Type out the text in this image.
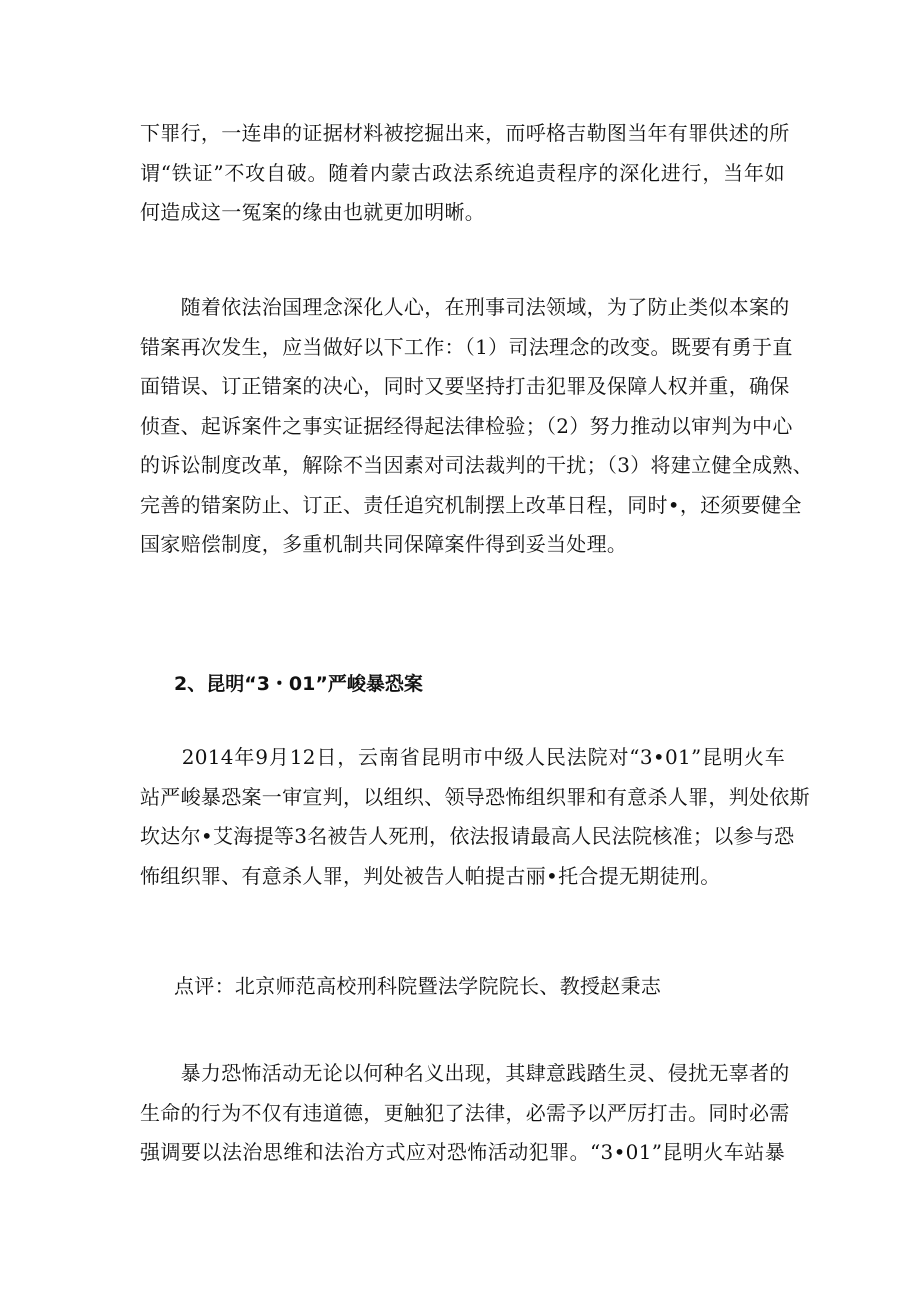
下罪行，一连串的证据材料被挖掘出来，而呼格吉勒图当年有罪供述的所
谓“铁证”不攻自破。随着内蒙古政法系统追责程序的深化进行，当年如
何造成这一冤案的缘由也就更加明晰。
　　随着依法治国理念深化人心，在刑事司法领域，为了防止类似本案的
错案再次发生，应当做好以下工作：（1）司法理念的改变。既要有勇于直
面错误、订正错案的决心，同时又要坚持打击犯罪及保障人权并重，确保
侦查、起诉案件之事实证据经得起法律检验；（2）努力推动以审判为中心
的诉讼制度改革，解除不当因素对司法裁判的干扰；（3）将建立健全成熟、
完善的错案防止、订正、责任追究机制摆上改革日程，同时•，还须要健全
国家赔偿制度，多重机制共同保障案件得到妥当处理。
2、昆明“3・01”严峻暴恐案
　　2014年9月12日，云南省昆明市中级人民法院对“3•01”昆明火车
站严峻暴恐案一审宣判，以组织、领导恐怖组织罪和有意杀人罪，判处依斯
坎达尔•艾海提等3名被告人死刑，依法报请最高人民法院核准；以参与恐
怖组织罪、有意杀人罪，判处被告人帕提古丽•托合提无期徒刑。
点评：北京师范高校刑科院暨法学院院长、教授赵秉志
　　暴力恐怖活动无论以何种名义出现，其肆意践踏生灵、侵扰无辜者的
生命的行为不仅有违道德，更触犯了法律，必需予以严厉打击。同时必需
强调要以法治思维和法治方式应对恐怖活动犯罪。“3•01”昆明火车站暴
